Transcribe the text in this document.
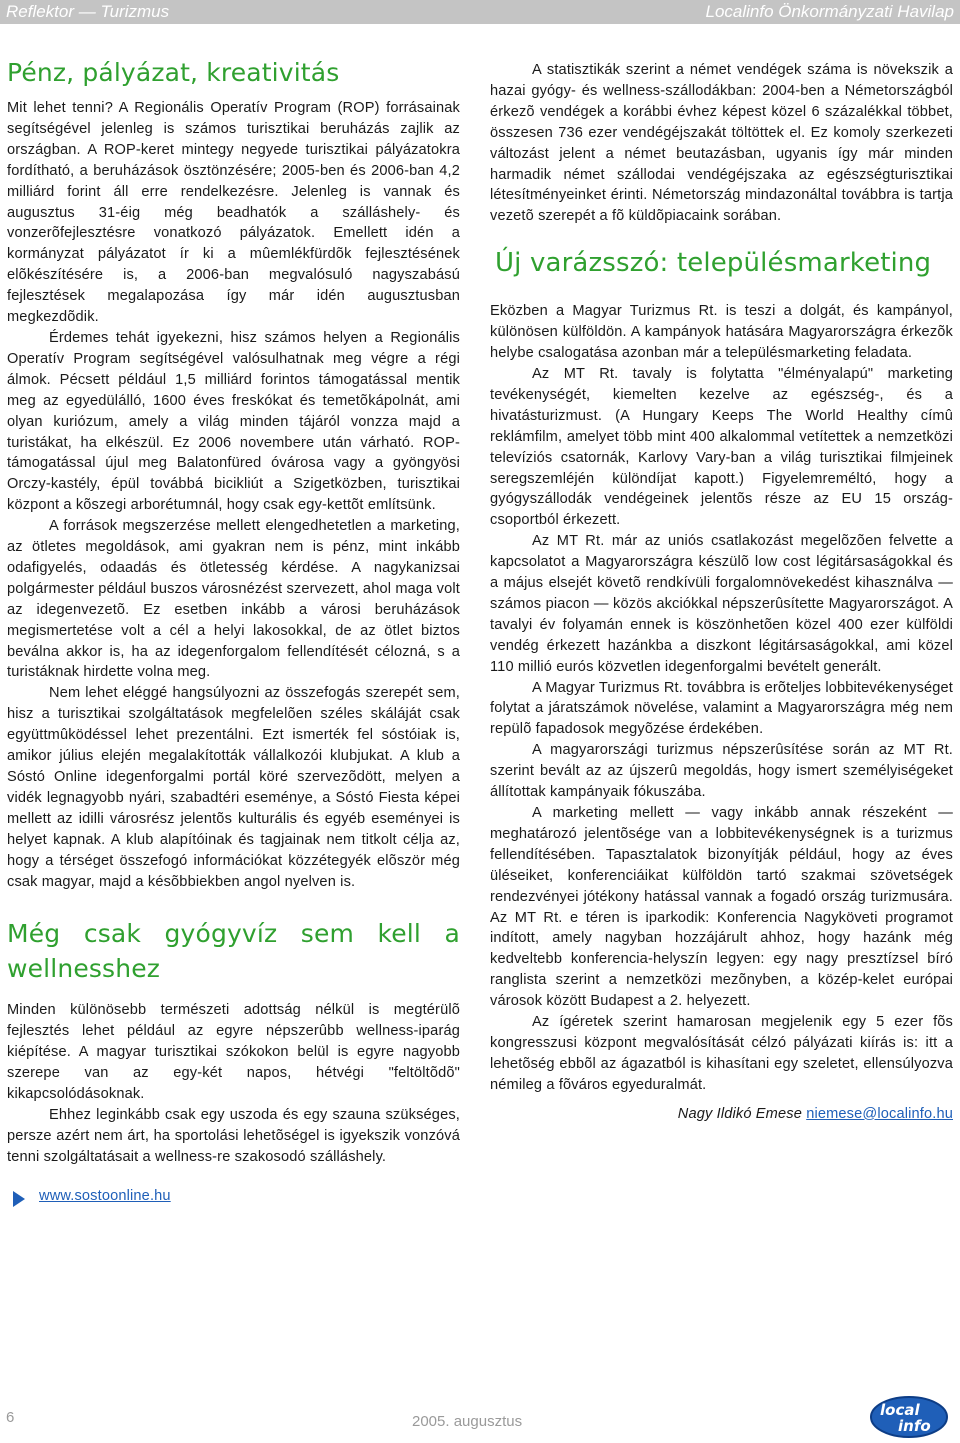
Reflektor — Turizmus	Localinfo Önkormányzati Havilap
Pénz, pályázat, kreativitás

Mit lehet tenni? A Regionális Operatív Program (ROP) forrásainak segítségével jelenleg is számos turisztikai beruházás zajlik az országban. A ROP-keret mintegy negyede turisztikai pályázatokra fordítható, a beruházások ösztönzésére; 2005-ben és 2006-ban 4,2 milliárd forint áll erre rendelkezésre. Jelenleg is vannak és augusztus 31-éig még beadhatók a szálláshely- és vonzerõfejlesztésre vonatkozó pályázatok. Emellett idén a kormányzat pályázatot ír ki a mûemlékfürdõk fejlesztésének elõkészítésére is, a 2006-ban megvalósuló nagyszabású fejlesztések megalapozása így már idén augusztusban megkezdõdik.

Érdemes tehát igyekezni, hisz számos helyen a Regionális Operatív Program segítségével valósulhatnak meg végre a régi álmok. Pécsett például 1,5 milliárd forintos támogatással mentik meg az egyedülálló, 1600 éves freskókat és temetõkápolnát, ami olyan kuriózum, amely a világ minden tájáról vonzza majd a turistákat, ha elkészül. Ez 2006 novembere után várható. ROP-támogatással újul meg Balatonfüred óvárosa vagy a gyöngyösi Orczy-kastély, épül továbbá bicikliút a Szigetközben, turisztikai központ a kõszegi arborétumnál, hogy csak egy-kettõt említsünk.

A források megszerzése mellett elengedhetetlen a marketing, az ötletes megoldások, ami gyakran nem is pénz, mint inkább odafigyelés, odaadás és ötletesség kérdése. A nagykanizsai polgármester például buszos városnézést szervezett, ahol maga volt az idegenvezetõ. Ez esetben inkább a városi beruházások megismertetése volt a cél a helyi lakosokkal, de az ötlet biztos beválna akkor is, ha az idegenforgalom fellendítését célozná, s a turistáknak hirdette volna meg.

Nem lehet eléggé hangsúlyozni az összefogás szerepét sem, hisz a turisztikai szolgáltatások megfelelõen széles skáláját csak együttmûködéssel lehet prezentálni. Ezt ismerték fel sóstóiak is, amikor július elején megalakították vállalkozói klubjukat. A klub a Sóstó Online idegenforgalmi portál köré szervezõdött, melyen a vidék legnagyobb nyári, szabadtéri eseménye, a Sóstó Fiesta képei mellett az idilli városrész jelentõs kulturális és egyéb eseményei is helyet kapnak. A klub alapítóinak és tagjainak nem titkolt célja az, hogy a térséget összefogó információkat közzétegyék elõször még csak magyar, majd a késõbbiekben angol nyelven is.

Még csak gyógyvíz sem kell a wellnesshez

Minden különösebb természeti adottság nélkül is megtérülõ fejlesztés lehet például az egyre népszerûbb wellness-iparág kiépítése. A magyar turisztikai szókokon belül is egyre nagyobb szerepe van az egy-két napos, hétvégi "feltöltõdõ" kikapcsolódásoknak.

Ehhez leginkább csak egy uszoda és egy szauna szükséges, persze azért nem árt, ha sportolási lehetõségel is igyekszik vonzóvá tenni szolgáltatásait a wellness-re szakosodó szálláshely.

www.sostoonline.hu

A statisztikák szerint a német vendégek száma is növekszik a hazai gyógy- és wellness-szállodákban: 2004-ben a Németországból érkezõ vendégek a korábbi évhez képest közel 6 százalékkal többet, összesen 736 ezer vendégéjszakát töltöttek el. Ez komoly szerkezeti változást jelent a német beutazásban, ugyanis így már minden harmadik német szállodai vendégéjszaka az egészségturisztikai létesítményeinket érinti. Németország mindazonáltal továbbra is tartja vezetõ szerepét a fõ küldõpiacaink sorában.

Új varázsszó: településmarketing

Eközben a Magyar Turizmus Rt. is teszi a dolgát, és kampányol, különösen külföldön. A kampányok hatására Magyarországra érkezõk helybe csalogatása azonban már a településmarketing feladata.

Az MT Rt. tavaly is folytatta "élményalapú" marketing tevékenységét, kiemelten kezelve az egészség-, és a hivatásturizmust. (A Hungary Keeps The World Healthy címû reklámfilm, amelyet több mint 400 alkalommal vetítettek a nemzetközi televíziós csatornák, Karlovy Vary-ban a világ turisztikai filmjeinek seregszemléjén különdíjat kapott.) Figyelemreméltó, hogy a gyógyszállodák vendégeinek jelentõs része az EU 15 ország-csoportból érkezett.

Az MT Rt. már az uniós csatlakozást megelõzõen felvette a kapcsolatot a Magyarországra készülõ low cost légitársaságokkal és a május elsejét követõ rendkívüli forgalomnövekedést kihasználva — számos piacon — közös akciókkal népszerûsítette Magyarországot. A tavalyi év folyamán ennek is köszönhetõen közel 400 ezer külföldi vendég érkezett hazánkba a diszkont légitársaságokkal, ami közel 110 millió eurós közvetlen idegenforgalmi bevételt generált.

A Magyar Turizmus Rt. továbbra is erõteljes lobbitevékenységet folytat a járatszámok növelése, valamint a Magyarországra még nem repülõ fapadosok megyõzése érdekében.

A magyarországi turizmus népszerûsítése során az MT Rt. szerint bevált az az újszerû megoldás, hogy ismert személyiségeket állítottak kampányaik fókuszába.

A marketing mellett — vagy inkább annak részeként — meghatározó jelentõsége van a lobbitevékenységnek is a turizmus fellendítésében. Tapasztalatok bizonyítják például, hogy az éves üléseiket, konferenciáikat külföldön tartó szakmai szövetségek rendezvényei jótékony hatással vannak a fogadó ország turizmusára. Az MT Rt. e téren is iparkodik: Konferencia Nagyköveti programot indított, amely nagyban hozzájárult ahhoz, hogy hazánk még kedveltebb konferencia-helyszín legyen: egy nagy presztízsel bíró ranglista szerint a nemzetközi mezõnyben, a közép-kelet európai városok között Budapest a 2. helyezett.

Az ígéretek szerint hamarosan megjelenik egy 5 ezer fõs kongresszusi központ megvalósítását célzó pályázati kiírás is: itt a lehetõség ebbõl az ágazatból is kihasítani egy szeletet, ellensúlyozva némileg a fõváros egyeduralmát.

Nagy Ildikó Emese niemese@localinfo.hu
6	2005. augusztus
local
info
